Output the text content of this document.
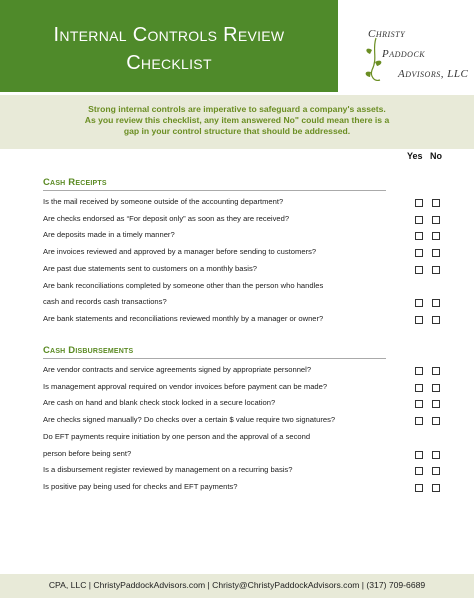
Internal Controls Review
Checklist
Christy
Paddock
Advisors, LLC
Strong internal controls are imperative to safeguard a company's assets.
As you review this checklist, any item answered No" could mean there is a
gap in your control structure that should be addressed.
Yes No
Cash Receipts
Is the mail received by someone outside of the accounting department?
Are checks endorsed as “For deposit only” as soon as they are received?
Are deposits made in a timely manner?
Are invoices reviewed and approved by a manager before sending to customers?
Are past due statements sent to customers on a monthly basis?
Are bank reconciliations completed by someone other than the person who handles
cash and records cash transactions?
Are bank statements and reconciliations reviewed monthly by a manager or owner?
Cash Disbursements
Are vendor contracts and service agreements signed by appropriate personnel?
Is management approval required on vendor invoices before payment can be made?
Are cash on hand and blank check stock locked in a secure location?
Are checks signed manually? Do checks over a certain $ value require two signatures?
Do EFT payments require initiation by one person and the approval of a second
person before being sent?
Is a disbursement register reviewed by management on a recurring basis?
Is positive pay being used for checks and EFT payments?
CPA, LLC | ChristyPaddockAdvisors.com | Christy@ChristyPaddockAdvisors.com | (317) 709-6689
